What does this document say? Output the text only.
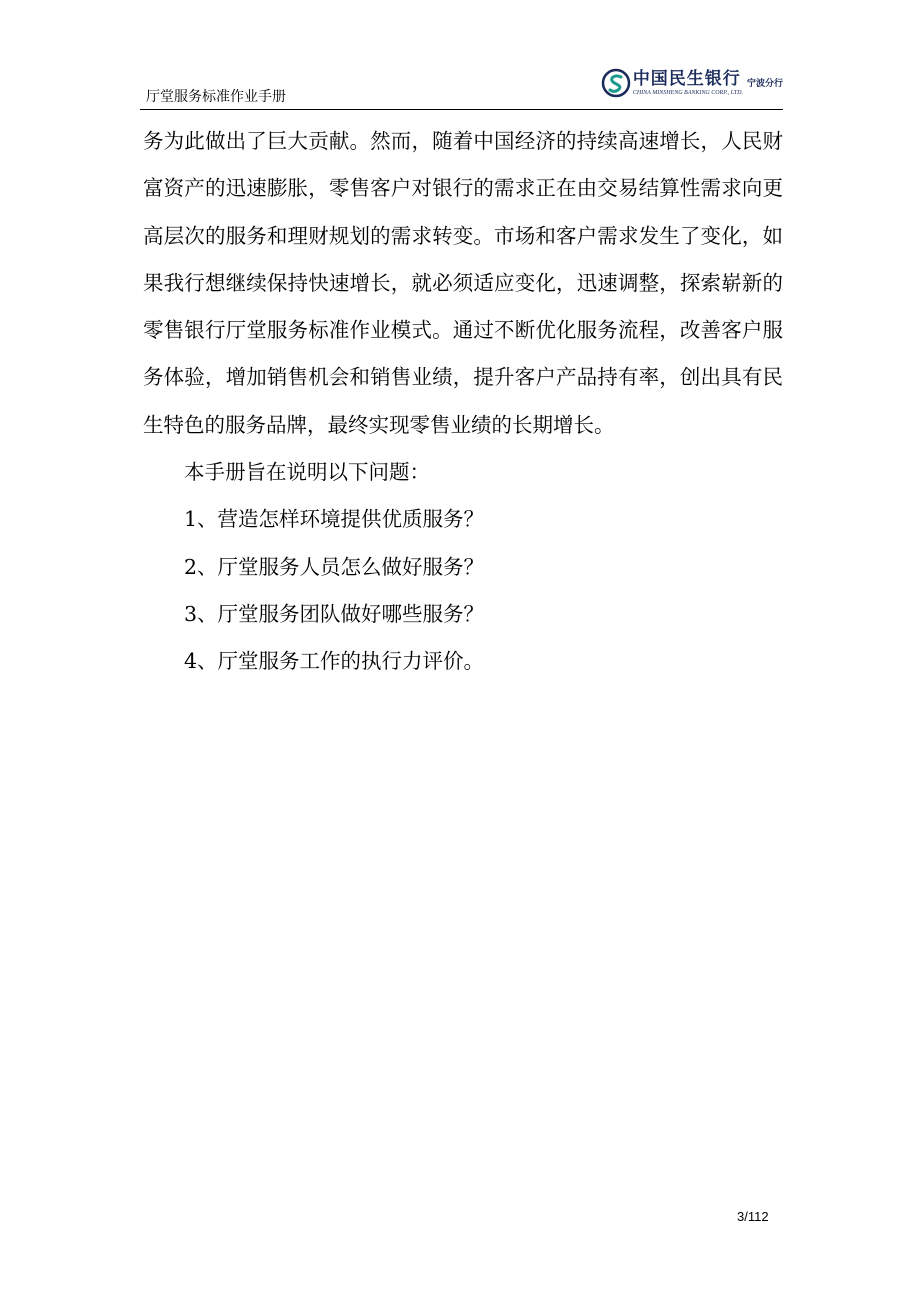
厅堂服务标准作业手册
中国民生银行
CHINA MINSHENG BANKING CORP., LTD.
宁波分行

务为此做出了巨大贡献。然而，随着中国经济的持续高速增长，人民财富资产的迅速膨胀，零售客户对银行的需求正在由交易结算性需求向更高层次的服务和理财规划的需求转变。市场和客户需求发生了变化，如果我行想继续保持快速增长，就必须适应变化，迅速调整，探索崭新的零售银行厅堂服务标准作业模式。通过不断优化服务流程，改善客户服务体验，增加销售机会和销售业绩，提升客户产品持有率，创出具有民生特色的服务品牌，最终实现零售业绩的长期增长。

本手册旨在说明以下问题：

1、营造怎样环境提供优质服务？

2、厅堂服务人员怎么做好服务？

3、厅堂服务团队做好哪些服务？

4、厅堂服务工作的执行力评价。

3/112
